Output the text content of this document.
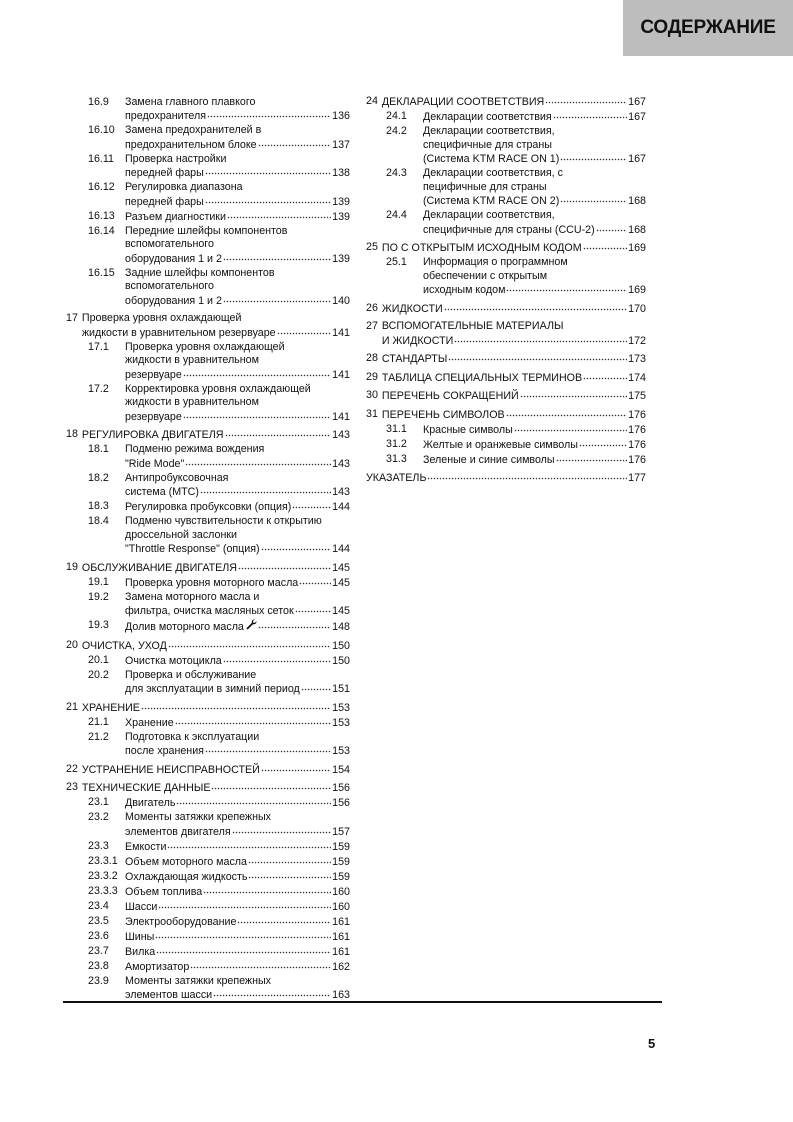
СОДЕРЖАНИЕ
16.9	Замена главного плавкого
предохранителя	136
16.10 Замена предохранителей в
предохранительном блоке	137
16.11	Проверка настройки
передней фары	138
16.12 Регулировка диапазона
передней фары	139
16.13 Разъем диагностики	139
16.14 Передние шлейфы компонентов
вспомогательного
оборудования 1 и 2	139
16.15 Задние шлейфы компонентов
вспомогательного
оборудования 1 и 2	140
17 Проверка уровня охлаждающей
жидкости в уравнительном резервуаре	141
17.1	Проверка уровня охлаждающей
жидкости в уравнительном
резервуаре	141
17.2	Корректировка уровня охлаждающей
жидкости в уравнительном
резервуаре	141
18 РЕГУЛИРОВКА ДВИГАТЕЛЯ	143
18.1	Подменю режима вождения
"Ride Mode"	143
18.2	Антипробуксовочная
система (MTC)	143
18.3	Регулировка пробуксовки (опция)	144
18.4	Подменю чувствительности к открытию
дроссельной заслонки
"Throttle Response" (опция)	144
19 ОБСЛУЖИВАНИЕ ДВИГАТЕЛЯ	145
19.1	Проверка уровня моторного масла	145
19.2	Замена моторного масла и
фильтра, очистка масляных сеток	145
19.3	Долив моторного масла	148
20 ОЧИСТКА, УХОД	150
20.1	Очистка мотоцикла	150
20.2	Проверка и обслуживание
для эксплуатации в зимний период	151
21 ХРАНЕНИЕ	153
21.1	Хранение	153
21.2	Подготовка к эксплуатации
после хранения	153
22 УСТРАНЕНИЕ НЕИСПРАВНОСТЕЙ	154
23 ТЕХНИЧЕСКИЕ ДАННЫЕ	156
23.1	Двигатель	156
23.2	Моменты затяжки крепежных
элементов двигателя	157
23.3	Емкости	159
23.3.1 Объем моторного масла	159
23.3.2 Охлаждающая жидкость	159
23.3.3 Объем топлива	160
23.4	Шасси	160
23.5	Электрооборудование	161
23.6	Шины	161
23.7	Вилка	161
23.8	Амортизатор	162
23.9	Моменты затяжки крепежных
элементов шасси	163
24 ДЕКЛАРАЦИИ СООТВЕТСТВИЯ	167
24.1	Декларации соответствия	167
24.2	Декларации соответствия,
специфичные для страны
(Система KTM RACE ON 1)	167
24.3	Декларации соответствия, с
пецифичные для страны
(Система KTM RACE ON 2)	168
24.4	Декларации соответствия,
специфичные для страны (CCU-2)	168
25 ПО С ОТКРЫТЫМ ИСХОДНЫМ КОДОМ	169
25.1	Информация о программном
обеспечении с открытым
исходным кодом	169
26 ЖИДКОСТИ	170
27 ВСПОМОГАТЕЛЬНЫЕ МАТЕРИАЛЫ
И ЖИДКОСТИ	172
28 СТАНДАРТЫ	173
29 ТАБЛИЦА СПЕЦИАЛЬНЫХ ТЕРМИНОВ	174
30 ПЕРЕЧЕНЬ СОКРАЩЕНИЙ	175
31 ПЕРЕЧЕНЬ СИМВОЛОВ	176
31.1	Красные символы	176
31.2	Желтые и оранжевые символы	176
31.3	Зеленые и синие символы	176
УКАЗАТЕЛЬ	177
5
